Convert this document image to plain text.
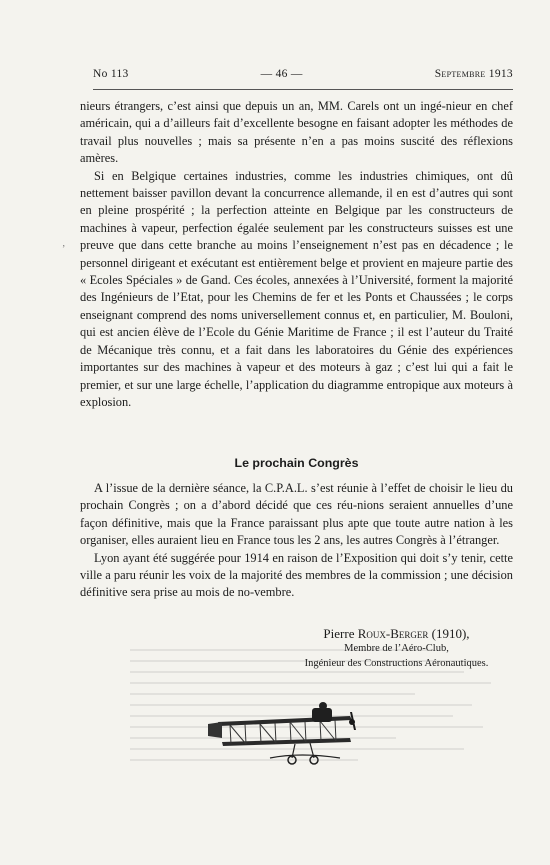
No 113	— 46 —	Septembre 1913
’

nieurs étrangers, c’est ainsi que depuis un an, MM. Carels ont un ingé-nieur en chef américain, qui a d’ailleurs fait d’excellente besogne en faisant adopter les méthodes de travail plus nouvelles ; mais sa présente n’en a pas moins suscité des réflexions amères.

Si en Belgique certaines industries, comme les industries chimiques, ont dû nettement baisser pavillon devant la concurrence allemande, il en est d’autres qui sont en pleine prospérité ; la perfection atteinte en Belgique par les constructeurs de machines à vapeur, perfection égalée seulement par les constructeurs suisses est une preuve que dans cette branche au moins l’enseignement n’est pas en décadence ; le personnel dirigeant et exécutant est entièrement belge et provient en majeure partie des « Ecoles Spéciales » de Gand. Ces écoles, annexées à l’Université, forment la majorité des Ingénieurs de l’Etat, pour les Chemins de fer et les Ponts et Chaussées ; le corps enseignant comprend des noms universellement connus et, en particulier, M. Bouloni, qui est ancien élève de l’Ecole du Génie Maritime de France ; il est l’auteur du Traité de Mécanique très connu, et a fait dans les laboratoires du Génie des expériences importantes sur des machines à vapeur et des moteurs à gaz ; c’est lui qui a fait le premier, et sur une large échelle, l’application du diagramme entropique aux moteurs à explosion.

Le prochain Congrès

A l’issue de la dernière séance, la C.P.A.L. s’est réunie à l’effet de choisir le lieu du prochain Congrès ; on a d’abord décidé que ces réu-nions seraient annuelles d’une façon définitive, mais que la France paraissant plus apte que toute autre nation à les organiser, elles auraient lieu en France tous les 2 ans, les autres Congrès à l’étranger.

Lyon ayant été suggérée pour 1914 en raison de l’Exposition qui doit s’y tenir, cette ville a paru réunir les voix de la majorité des membres de la commission ; une décision définitive sera prise au mois de no-vembre.

Pierre Roux-Berger (1910),
Membre de l’Aéro-Club,
Ingénieur des Constructions Aéronautiques.
